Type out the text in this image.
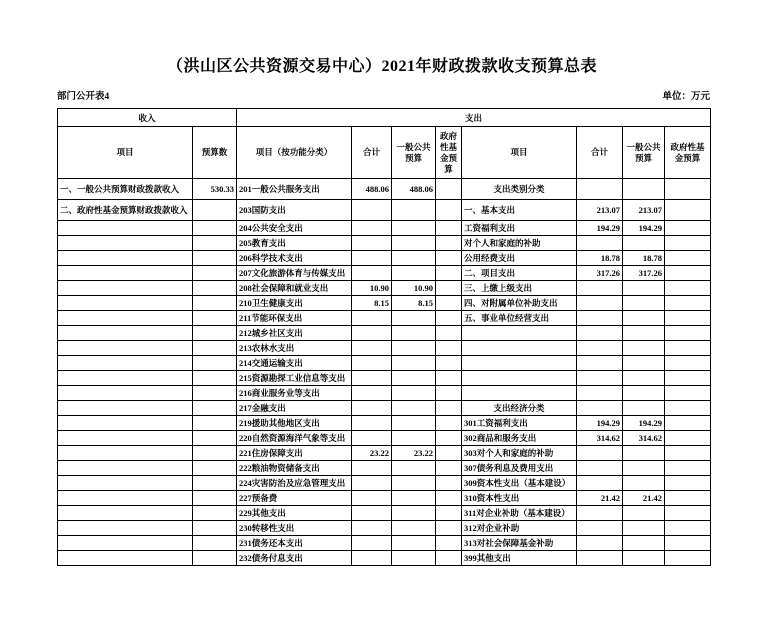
（洪山区公共资源交易中心）2021年财政拨款收支预算总表
部门公开表4	单位：万元
收入		支出							
项目	预算数	项目（按功能分类）	合计	一般公共预算	政府性基金预算	项目	合计	一般公共预算	政府性基金预算
一、一般公共预算财政拨款收入	530.33	201一般公共服务支出	488.06	488.06		支出类别分类			
二、政府性基金预算财政拨款收入		203国防支出				一、基本支出	213.07	213.07	
		204公共安全支出				工资福利支出	194.29	194.29	
		205教育支出				对个人和家庭的补助			
		206科学技术支出				公用经费支出	18.78	18.78	
		207文化旅游体育与传媒支出				二、项目支出	317.26	317.26	
		208社会保障和就业支出	10.90	10.90		三、上缴上级支出			
		210卫生健康支出	8.15	8.15		四、对附属单位补助支出			
		211节能环保支出				五、事业单位经营支出			
		212城乡社区支出							
		213农林水支出							
		214交通运输支出							
		215资源勘探工业信息等支出							
		216商业服务业等支出							
		217金融支出				支出经济分类			
		219援助其他地区支出				301工资福利支出	194.29	194.29	
		220自然资源海洋气象等支出				302商品和服务支出	314.62	314.62	
		221住房保障支出	23.22	23.22		303对个人和家庭的补助			
		222粮油物资储备支出				307债务利息及费用支出			
		224灾害防治及应急管理支出				309资本性支出（基本建设）			
		227预备费				310资本性支出	21.42	21.42	
		229其他支出				311对企业补助（基本建设）			
		230转移性支出				312对企业补助			
		231债务还本支出				313对社会保障基金补助			
		232债务付息支出				399其他支出			
